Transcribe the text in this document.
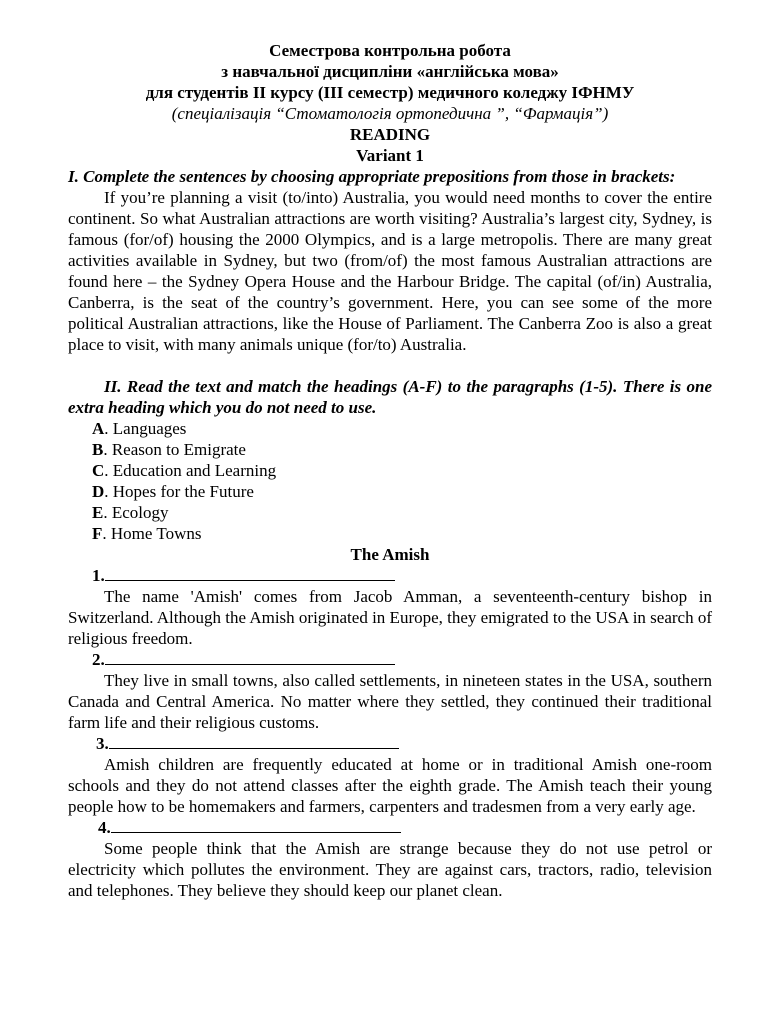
Семестрова контрольна робота
з навчальної дисципліни «англійська мова»
для студентів ІІ курсу (ІІІ семестр) медичного коледжу ІФНМУ
(спеціалізація “Стоматологія ортопедична ”, “Фармація”)
READING
Variant 1

I. Complete the sentences by choosing appropriate prepositions from those in brackets:

If you’re planning a visit (to/into) Australia, you would need months to cover the entire continent. So what Australian attractions are worth visiting? Australia’s largest city, Sydney, is famous (for/of) housing the 2000 Olympics, and is a large metropolis. There are many great activities available in Sydney, but two (from/of) the most famous Australian attractions are found here – the Sydney Opera House and the Harbour Bridge. The capital (of/in) Australia, Canberra, is the seat of the country’s government. Here, you can see some of the more political Australian attractions, like the House of Parliament. The Canberra Zoo is also a great place to visit, with many animals unique (for/to) Australia.

II. Read the text and match the headings (A-F) to the paragraphs (1-5). There is one extra heading which you do not need to use.

A. Languages
B. Reason to Emigrate
C. Education and Learning
D. Hopes for the Future
E. Ecology
F. Home Towns
The Amish
1.

The name 'Amish' comes from Jacob Amman, a seventeenth-century bishop in Switzerland. Although the Amish originated in Europe, they emigrated to the USA in search of religious freedom.

2.

They live in small towns, also called settlements, in nineteen states in the USA, southern Canada and Central America. No matter where they settled, they continued their traditional farm life and their religious customs.

3.

Amish children are frequently educated at home or in traditional Amish one-room schools and they do not attend classes after the eighth grade. The Amish teach their young people how to be homemakers and farmers, carpenters and tradesmen from a very early age.

4.

Some people think that the Amish are strange because they do not use petrol or electricity which pollutes the environment. They are against cars, tractors, radio, television and telephones. They believe they should keep our planet clean.
